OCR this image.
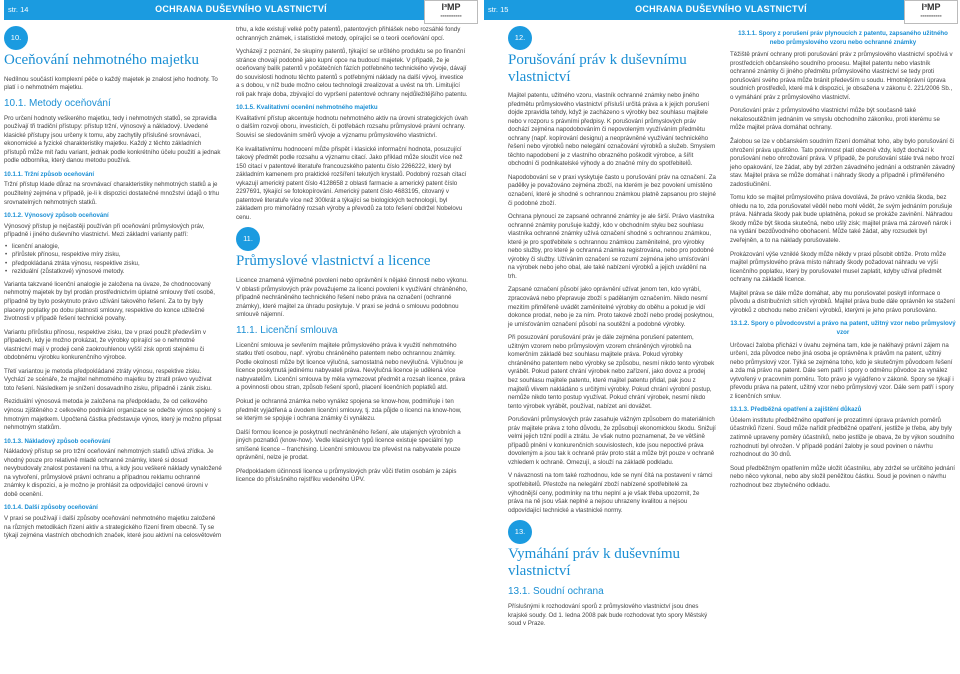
str. 14	OCHRANA DUŠEVNÍHO VLASTNICTVÍ	I³MP
■■■■■■■■■■
10.
Oceňování nehmotného majetku

Nedílnou součástí komplexní péče o každý majetek je znalost jeho hodnoty. To platí i o nehmotném majetku.

10.1. Metody oceňování

Pro určení hodnoty veškerého majetku, tedy i nehmotných statků, se zpravidla používají tři tradiční přístupy: přístup tržní, výnosový a nákladový. Uvedené klasické přístupy jsou určeny k tomu, aby zachytily příslušné srovnávací, ekonomické a fyzické charakteristiky majetku. Každý z těchto základních přístupů může mít řadu variant, jednak podle konkrétního účelu použití a jednak podle odborníka, který danou metodu používá.

10.1.1. Tržní způsob oceňování

Tržní přístup klade důraz na srovnávací charakteristiky nehmotných statků a je použitelný zejména v případě, je-li k dispozici dostatečné množství údajů o trhu srovnatelných nehmotných statků.

10.1.2. Výnosový způsob oceňování

Výnosový přístup je nejčastěji používán při oceňování průmyslových práv, případně i jiného duševního vlastnictví. Mezi základní varianty patří:

• licenční analogie,
• přírůstek přínosu, respektive míry zisku,
• předpokládaná ztráta výnosu, respektive zisku,
• reziduální (zůstatkové) výnosové metody.

Varianta takzvané licenční analogie je založena na úvaze, že chodnocovaný nehmotný majetek by byl prodán prostřednictvím úplatné smlouvy třetí osobě, případně by bylo poskytnuto právo užívání takového řešení. Za to by byly placeny poplatky po dobu platnosti smlouvy, respektive do konce užitečné životnosti v případě řešení technické povahy.

Variantu přírůstku přínosu, respektive zisku, lze v praxi použít především v případech, kdy je možno prokázat, že výrobky opírající se o nehmotné vlastnictví mají v prodeji ceně zaokrouhlenou vyšší zisk oproti stejnému či obdobnému výrobku konkurenčního výrobce.

Třetí variantou je metoda předpokládané ztráty výnosu, respektive zisku. Vychází ze scénáře, že majitel nehmotného majetku by ztratil právo využívat toto řešení. Následkem je snížení dosavadního zisku, případně i zánik zisku.

Reziduální výnosová metoda je založena na předpokladu, že od celkového výnosu zjištěného z celkového podnikání organizace se odečte výnos spojený s hmotným majetkem. Upočtená částka představuje výnos, který je možno připsat nehmotným statkům.

10.1.3. Nákladový způsob oceňování

Nákladový přístup se pro tržní oceňování nehmotných statků užívá zřídka. Je vhodný pouze pro relativně mladé ochranné známky, které si dosud nevybudovaly znalost postavení na trhu, a kdy jsou veškeré náklady vynaložené na vytvoření, průmyslové právní ochranu a případnou reklamu ochranné známky k dispozici, a je možno je prohlásit za odpovídající cenové úrovni v době ocenění.

10.1.4. Další způsoby oceňování

V praxi se používají i další způsoby oceňování nehmotného majetku založené na různých metodikách řízení aktiv a strategického řízení firem obecně. Ty se týkají zejména vlastních obchodních značek, které jsou aktivní na celosvětovém

trhu, a kde existují velké počty patentů, patentových přihlášek nebo rozsáhlé fondy ochranných známek, i statistické metody, opírající se o teorii oceňování opcí.

Vycházejí z poznání, že skupiny patentů, týkající se určitého produktu se po finanční stránce chovají podobně jako kupní opce na budoucí majetek. V případě, že je oceňovaný balík patentů v počátečních fázích potřebného technického vývoje, dávají do souvislosti hodnotu těchto patentů s potřebnými náklady na další vývoj, investice a s dobou, v níž bude možno celou technologii zrealizovat a uvést na trh. Limitující roli pak hraje doba, zbývající do vypršení patentové ochrany nejdůležitějšího patentu.

10.1.5. Kvalitativní ocenění nehmotného majetku

Kvalitativní přístup akcentuje hodnotu nehmotného aktiv na úrovni strategických úvah o dalším rozvoji oboru, investicích, či potřebách rozsahu průmyslové právní ochrany. Souvisí se sledováním směrů vývoje a významu průmyslového vlastnictví.

Ke kvalitativnímu hodnocení může přispět i klasické informační hodnota, posuzující takový předmět podle rozsahu a významu citací. Jako příklad může sloužit více než 150 citací v patentové literatuře francouzského patentu číslo 2266222, který byl základním kamenem pro praktické rozšíření tekutých krystalů. Podobný rozsah citací vykazují americký patent číslo 4128658 z oblasti farmacie a americký patent číslo 2297691, týkající se fotokopírování. Americký patent číslo 4683195, citovaný v patentové literatuře více než 300krát a týkající se biologických technologií, byl základem pro mimořádný rozsah výroby a převodů za toto řešení obdržel Nobelovu cenu.

11.
Průmyslové vlastnictví a licence

Licence znamená výjimečné povolení nebo oprávnění k nějaké činnosti nebo výkonu. V oblasti průmyslových práv považujeme za licenci povolení k využívání chráněného, případně nechráněného technického řešení nebo práva na označení (ochranné známky), které majitel za úhradu poskytuje. V praxi se jedná o smlouvu podobnou smlouvě nájemní.

11.1. Licenční smlouva

Licenční smlouva je sevřením majitele průmyslového práva k využití nehmotného statku třetí osobou, např. výrobu chráněného patentem nebo ochrannou známky. Podle okolností může být licence výlučná, samostatná nebo nevýlučná. Výlučnou je licence poskytnutá jedinému nabyvateli práva. Nevýlučná licence je udělená více nabyvatelům. Licenční smlouva by měla vymezovat předmět a rozsah licence, práva a povinnosti obou stran, způsob řešení sporů, placení licenčních poplatků atd.

Pokud je ochranná známka nebo vynález spojena se know-how, podmiňuje i ten předmět vyjádřená a úvodem licenční smlouvy, tj. zda půjde o licenci na know-how, se kterým se spojuje i ochrana známky či vynálezu.

Další formou licence je poskytnutí nechráněného řešení, ale utajených výrobních a jiných poznatků (know-how). Vedle klasických typů licence existuje speciální typ smíšené licence – franchising. Licenční smlouvou lze převést na nabyvatele pouze oprávnění, nelze je prodat.

Předpokladem účinnosti licence u průmyslových práv vůči třetím osobám je zápis licence do příslušného rejstříku vedeného ÚPV.

str. 15	OCHRANA DUŠEVNÍHO VLASTNICTVÍ	I³MP
■■■■■■■■■■
12.
Porušování práv k duševnímu vlastnictví

Majitel patentu, užitného vzoru, vlastník ochranné známky nebo jiného předmětu průmyslového vlastnictví přísluší určitá práva a k jejich porušení dojde zpravidla tehdy, když je zacházeno s výrobky bez souhlasu majitele nebo v rozporu s právními předpisy. K porušování průmyslových práv dochází zejména napodobováním či nepovoleným využíváním předmětu ochrany (např. kopírování designu) a neoprávněné využívání technického řešení nebo výrobků nebo nelegální označování výrobků a služeb. Smyslem těchto napodobení je z vlastního obrazného poškodit výrobce, a šířit obchodní či podnikatelské výhody a do značné míry do spotřebitelů.

Napodobování se v praxi vyskytuje často u porušování práv na označení. Za padělky je považováno zejména zboží, na kterém je bez povolení umístěno označení, které je shodné s ochrannou známkou platně zapsanou pro stejné či podobné zboží.

Ochrana plynoucí ze zapsané ochranné známky je ale širší. Právo vlastníka ochranné známky porušuje každý, kdo v obchodním styku bez souhlasu vlastníka ochranné známky užívá označení shodné s ochrannou známkou, které je pro spotřebitele s ochrannou známkou zaměnitelné, pro výrobky nebo služby, pro které je ochranná známka registrována, nebo pro podobné výrobky či služby. Užíváním označení se rozumí zejména jeho umísťování na výrobek nebo jeho obal, ale také nabízení výrobků a jejich uvádění na trh.

Zapsané označení působí jako oprávnění užívat jenom ten, kdo vyrábí, zpracovává nebo přepravuje zboží s padělaným označením. Nikdo nesmí mezitím přiměřeně uvádět zaměnitelné výrobky do oběhu a pokud je vidí dokonce prodat, nebo je za ním. Proto takové zboží nebo prodej poskytnou, je umísťováním označení působí na soutěžní a podobné výrobky.

Při posuzování porušování práv je dále zejména porušení patentem, užitným vzorem nebo průmyslovým vzorem chráněných výrobků na komerčním základě bez souhlasu majitele práva. Pokud výrobky chráněného patentem nebo výrobky se způsobu, nesmí nikdo tento výrobek vyrábět. Pokud patent chrání výrobek nebo zařízení, jako dovoz a prodej bez souhlasu majitele patentu, které majitel patentu přidal, pak jsou z majitelů vlivem nakládáno s určitými výrobky. Pokud chrání výrobní postup, nemůže nikdo tento postup využívat. Pokud chrání výrobek, nesmí nikdo tento výrobek vyrábět, používat, nabízet ani dovážet.

Porušování průmyslových práv zasahuje vážným způsobem do materiálních práv majitele práva z toho důvodu, že způsobují ekonomickou škodu. Snižují velmi jejich tržní podíl a ztrátu. Je však nutno poznamenat, že ve většině případů plnění v konkurenčních souvislostech, kde jsou nepoctivé práva dovoleným a jsou tak k ochraně práv proto stát a může být pouze v ochraně vzhledem k ochraně. Omezují, a slouží na základě podkladu.

V návaznosti na tom také rozhodnou, kde se nyní čítá na postavení v rámci spotřebitelů. Přestože na nelegální zboží nabízené spotřebitelé za výhodnější ceny, podmínky na trhu neplní a je však třeba upozornit, že práva na ně jsou však neplné a nejsou uhrazeny kvalitou a nejsou odpovídající technické a vlastnické normy.

13.
Vymáhání práv k duševnímu vlastnictví
13.1. Soudní ochrana

Příslušnými k rozhodování sporů z průmyslového vlastnictví jsou dnes krajské soudy. Od 1. ledna 2008 pak bude rozhodovat tyto spory Městský soud v Praze.

13.1.1. Spory z porušení práv plynoucích z patentu, zapsaného užitného nebo průmyslového vzoru nebo ochranné známky

Těžiště právní ochrany proti porušování práv z průmyslového vlastnictví spočívá v prostředcích občanského soudního procesu. Majitel patentu nebo vlastník ochranné známky či jiného předmětu průmyslového vlastnictví se tedy proti porušování svého práva může bránit především u soudu. Hmotněprávní úprava soudních prostředků, které má k dispozici, je obsažena v zákonu č. 221/2006 Sb., o vymáhání práv z průmyslového vlastnictví.

Porušování práv z průmyslového vlastnictví může být současně také nekalosoutěžním jednáním ve smyslu obchodního zákoníku, proti kterému se může majitel práva domáhat ochrany.

Žalobou se lze v občanském soudním řízení domáhat toho, aby bylo porušování či ohrožení práva upuštěno. Tato povinnost platí obecně vždy, když dochází k porušování nebo ohrožování práva. V případě, že porušování stále trvá nebo hrozí jeho opakování, lze žádat, aby byl zdržen závadného jednání a odstraněn závadný stav. Majitel práva se může domáhat i náhrady škody a případně i přiměřeného zadostiučinění.

Tomu kdo se majitel průmyslového práva dovolává, že právo vznikla škoda, bez ohledu na to, zda porušovatel věděl nebo mohl vědět, že svým jednáním porušuje práva. Náhrada škody pak bude uplatněna, pokud se prokáže zavinění. Náhradou škody může být škoda skutečná, nebo ušlý zisk; majitel práva má zároveň nárok i na vydání bezdůvodného obohacení. Může také žádat, aby rozsudek byl zveřejněn, a to na náklady porušovatele.

Prokázování výše vzniklé škody může někdy v praxi působit obtíže. Proto může majitel průmyslového práva místo náhrady škody požadovat náhradu ve výši licenčního poplatku, který by porušovatel musel zaplatit, kdyby užíval předmět ochrany na základě licence.

Majitel práva se dále může domáhat, aby mu porušovatel poskytl informace o původu a distribučních sítích výrobků. Majitel práva bude dále oprávněn ke stažení výrobků z obchodu nebo zničení výrobků, kterými je jeho právo porušováno.

13.1.2. Spory o původcovství a právo na patent, užitný vzor nebo průmyslový vzor

Určovací žaloba přichází v úvahu zejména tam, kde je naléhavý právní zájem na určení, zda původce nebo jiná osoba je oprávněna k právům na patent, užitný nebo průmyslový vzor. Týká se zejména toho, kdo je skutečným původcem řešení a zda má právo na patent. Dále sem patří i spory o odměnu původce za vynález vytvořený v pracovním poměru. Toto právo je vyjádřeno v zákoně. Spory se týkají i převodu práva na patent, užitný vzor nebo průmyslový vzor. Dále sem patří i spory z licenčních smluv.

13.1.3. Předběžná opatření a zajištění důkazů

Účelem institutu předběžného opatření je prozatímní úprava právních poměrů účastníků řízení. Soud může nařídit předběžné opatření, jestliže je třeba, aby byly zatímně upraveny poměry účastníků, nebo jestliže je obava, že by výkon soudního rozhodnutí byl ohrožen. V případě podání žaloby je soud povinen o návrhu rozhodnout do 30 dnů.

Soud předběžným opatřením může uložit účastníku, aby zdržel se určitého jednání nebo něco vykonal, nebo aby složil peněžitou částku. Soud je povinen o návrhu rozhodnout bez zbytečného odkladu.
